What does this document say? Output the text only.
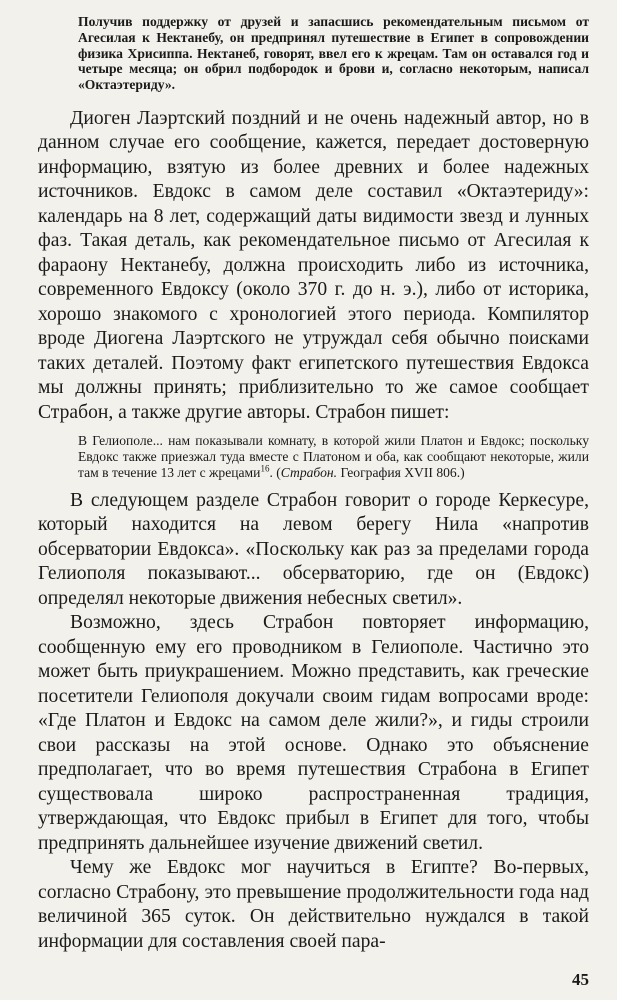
Получив поддержку от друзей и запасшись рекомендательным письмом от Агесилая к Нектанебу, он предпринял путешествие в Египет в сопровождении физика Хрисиппа. Нектанеб, говорят, ввел его к жрецам. Там он оставался год и четыре месяца; он обрил подбородок и брови и, согласно некоторым, написал «Октаэтериду».

Диоген Лаэртский поздний и не очень надежный автор, но в данном случае его сообщение, кажется, передает достоверную информацию, взятую из более древних и более надежных источников. Евдокс в самом деле составил «Октаэтериду»: календарь на 8 лет, содержащий даты видимости звезд и лунных фаз. Такая деталь, как рекомендательное письмо от Агесилая к фараону Нектанебу, должна происходить либо из источника, современного Евдоксу (около 370 г. до н. э.), либо от историка, хорошо знакомого с хронологией этого периода. Компилятор вроде Диогена Лаэртского не утруждал себя обычно поисками таких деталей. Поэтому факт египетского путешествия Евдокса мы должны принять; приблизительно то же самое сообщает Страбон, а также другие авторы. Страбон пишет:

В Гелиополе... нам показывали комнату, в которой жили Платон и Евдокс; поскольку Евдокс также приезжал туда вместе с Платоном и оба, как сообщают некоторые, жили там в течение 13 лет с жрецами$^{16}$. (Страбон. География XVII 806.)

В следующем разделе Страбон говорит о городе Керкесуре, который находится на левом берегу Нила «напротив обсерватории Евдокса». «Поскольку как раз за пределами города Гелиополя показывают... обсерваторию, где он (Евдокс) определял некоторые движения небесных светил».

Возможно, здесь Страбон повторяет информацию, сообщенную ему его проводником в Гелиополе. Частично это может быть приукрашением. Можно представить, как греческие посетители Гелиополя докучали своим гидам вопросами вроде: «Где Платон и Евдокс на самом деле жили?», и гиды строили свои рассказы на этой основе. Однако это объяснение предполагает, что во время путешествия Страбона в Египет существовала широко распространенная традиция, утверждающая, что Евдокс прибыл в Египет для того, чтобы предпринять дальнейшее изучение движений светил.

Чему же Евдокс мог научиться в Египте? Во-первых, согласно Страбону, это превышение продолжительности года над величиной 365 суток. Он действительно нуждался в такой информации для составления своей пара-

45
